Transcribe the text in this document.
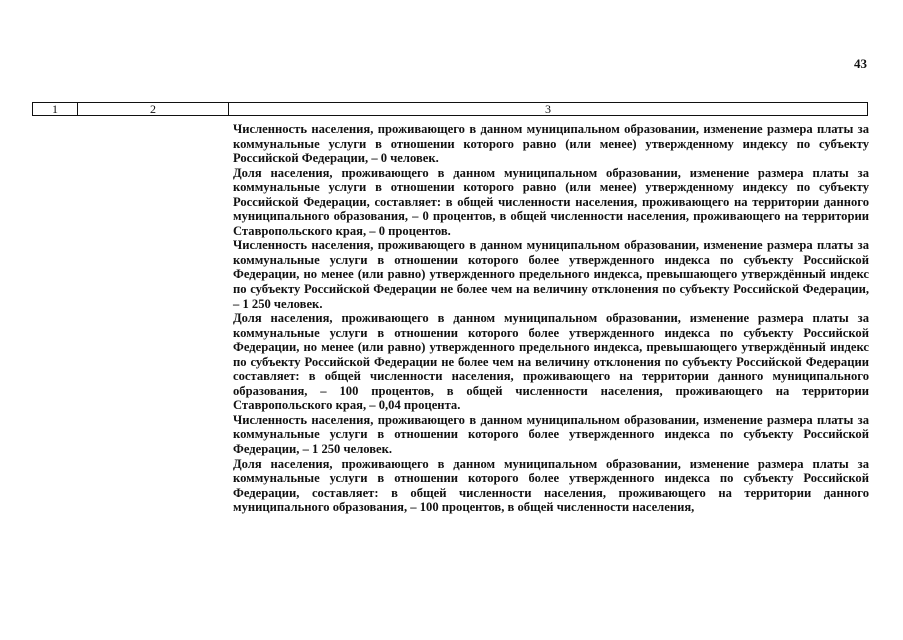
43
1	2	3

Численность населения, проживающего в данном муниципальном образовании, изменение размера платы за коммунальные услуги в отношении которого равно (или менее) утвержденному индексу по субъекту Российской Федерации, – 0 человек.

Доля населения, проживающего в данном муниципальном образовании, изменение размера платы за коммунальные услуги в отношении которого равно (или менее) утвержденному индексу по субъекту Российской Федерации, составляет: в общей численности населения, проживающего на территории данного муниципального образования, – 0 процентов, в общей численности населения, проживающего на территории Ставропольского края, – 0 процентов.

Численность населения, проживающего в данном муниципальном образовании, изменение размера платы за коммунальные услуги в отношении которого более утвержденного индекса по субъекту Российской Федерации, но менее (или равно) утвержденного предельного индекса, превышающего утверждённый индекс по субъекту Российской Федерации не более чем на величину отклонения по субъекту Российской Федерации, – 1 250 человек.

Доля населения, проживающего в данном муниципальном образовании, изменение размера платы за коммунальные услуги в отношении которого более утвержденного индекса по субъекту Российской Федерации, но менее (или равно) утвержденного предельного индекса, превышающего утверждённый индекс по субъекту Российской Федерации не более чем на величину отклонения по субъекту Российской Федерации составляет: в общей численности населения, проживающего на территории данного муниципального образования, – 100 процентов, в общей численности населения, проживающего на территории Ставропольского края, – 0,04 процента.

Численность населения, проживающего в данном муниципальном образовании, изменение размера платы за коммунальные услуги в отношении которого более утвержденного индекса по субъекту Российской Федерации, – 1 250 человек.

Доля населения, проживающего в данном муниципальном образовании, изменение размера платы за коммунальные услуги в отношении которого более утвержденного индекса по субъекту Российской Федерации, составляет: в общей численности населения, проживающего на территории данного муниципального образования, – 100 процентов, в общей численности населения,
